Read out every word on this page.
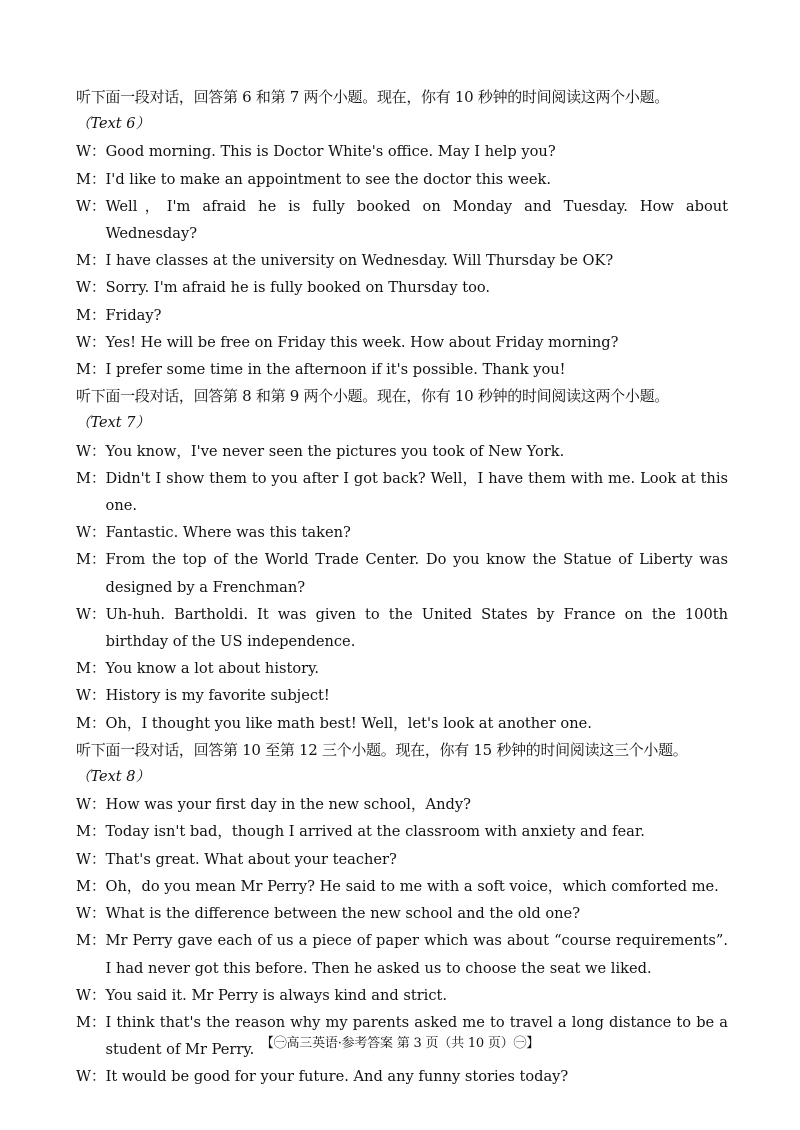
听下面一段对话，回答第 6 和第 7 两个小题。现在，你有 10 秒钟的时间阅读这两个小题。
（Text 6）
W： Good morning. This is Doctor White's office. May I help you?
M： I'd like to make an appointment to see the doctor this week.
W： Well，I'm afraid he is fully booked on Monday and Tuesday. How about Wednesday?
M： I have classes at the university on Wednesday. Will Thursday be OK?
W： Sorry. I'm afraid he is fully booked on Thursday too.
M： Friday?
W： Yes! He will be free on Friday this week. How about Friday morning?
M： I prefer some time in the afternoon if it's possible. Thank you!
听下面一段对话，回答第 8 和第 9 两个小题。现在，你有 10 秒钟的时间阅读这两个小题。
（Text 7）
W： You know，I've never seen the pictures you took of New York.
M： Didn't I show them to you after I got back? Well，I have them with me. Look at this one.
W： Fantastic. Where was this taken?
M： From the top of the World Trade Center. Do you know the Statue of Liberty was designed by a Frenchman?
W： Uh-huh. Bartholdi. It was given to the United States by France on the 100th birthday of the US independence.
M： You know a lot about history.
W： History is my favorite subject!
M： Oh，I thought you like math best! Well，let's look at another one.
听下面一段对话，回答第 10 至第 12 三个小题。现在，你有 15 秒钟的时间阅读这三个小题。
（Text 8）
W： How was your first day in the new school，Andy?
M： Today isn't bad，though I arrived at the classroom with anxiety and fear.
W： That's great. What about your teacher?
M： Oh，do you mean Mr Perry? He said to me with a soft voice，which comforted me.
W： What is the difference between the new school and the old one?
M： Mr Perry gave each of us a piece of paper which was about “course requirements”. I had never got this before. Then he asked us to choose the seat we liked.
W： You said it. Mr Perry is always kind and strict.
M： I think that's the reason why my parents asked me to travel a long distance to be a student of Mr Perry.
W： It would be good for your future. And any funny stories today?
【㊀高三英语·参考答案 第 3 页（共 10 页）㊀】
